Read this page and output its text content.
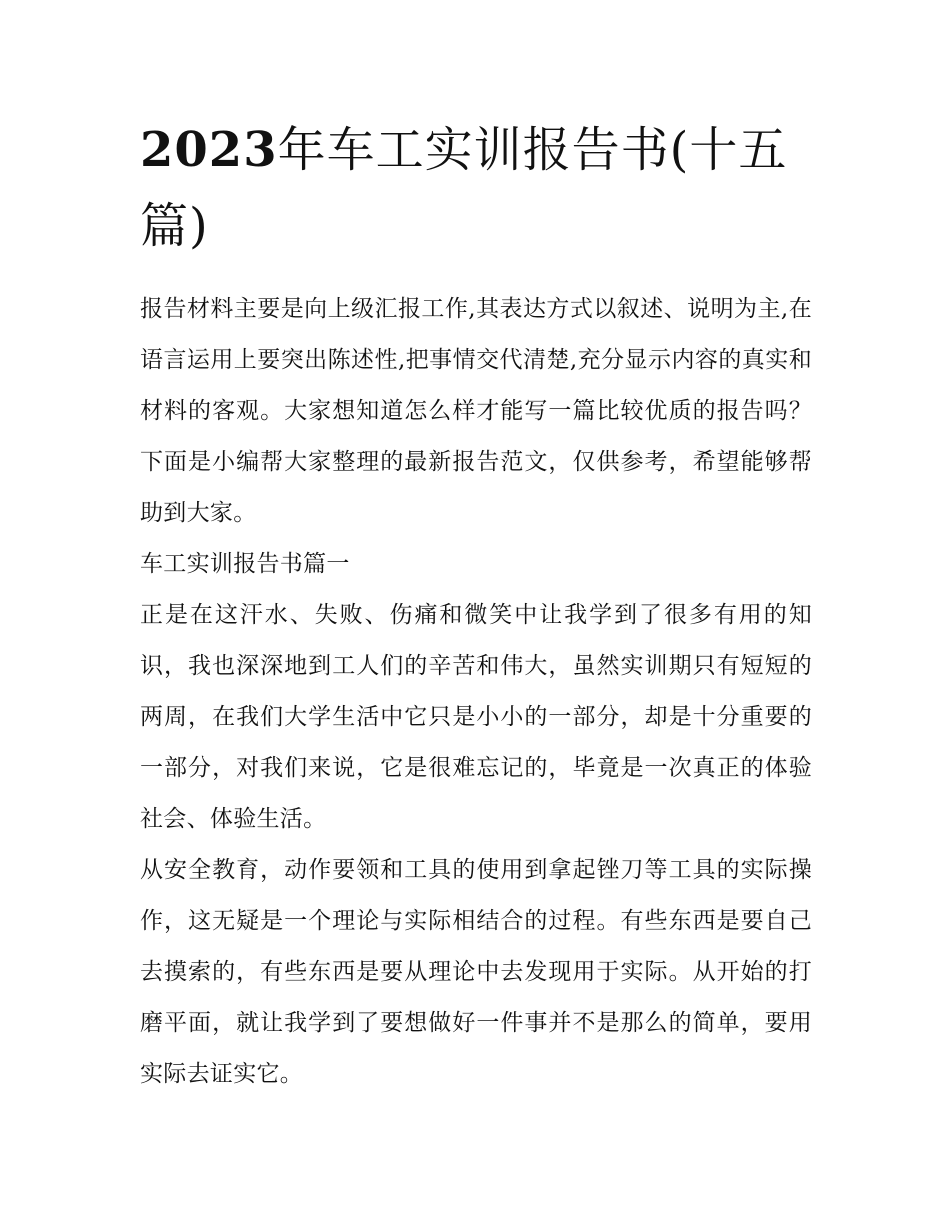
2023年车工实训报告书(十五篇)

报告材料主要是向上级汇报工作,其表达方式以叙述、说明为主,在语言运用上要突出陈述性,把事情交代清楚,充分显示内容的真实和材料的客观。大家想知道怎么样才能写一篇比较优质的报告吗？下面是小编帮大家整理的最新报告范文，仅供参考，希望能够帮助到大家。

车工实训报告书篇一

正是在这汗水、失败、伤痛和微笑中让我学到了很多有用的知识，我也深深地到工人们的辛苦和伟大，虽然实训期只有短短的两周，在我们大学生活中它只是小小的一部分，却是十分重要的一部分，对我们来说，它是很难忘记的，毕竟是一次真正的体验社会、体验生活。

从安全教育，动作要领和工具的使用到拿起锉刀等工具的实际操作，这无疑是一个理论与实际相结合的过程。有些东西是要自己去摸索的，有些东西是要从理论中去发现用于实际。从开始的打磨平面，就让我学到了要想做好一件事并不是那么的简单，要用实际去证实它。
